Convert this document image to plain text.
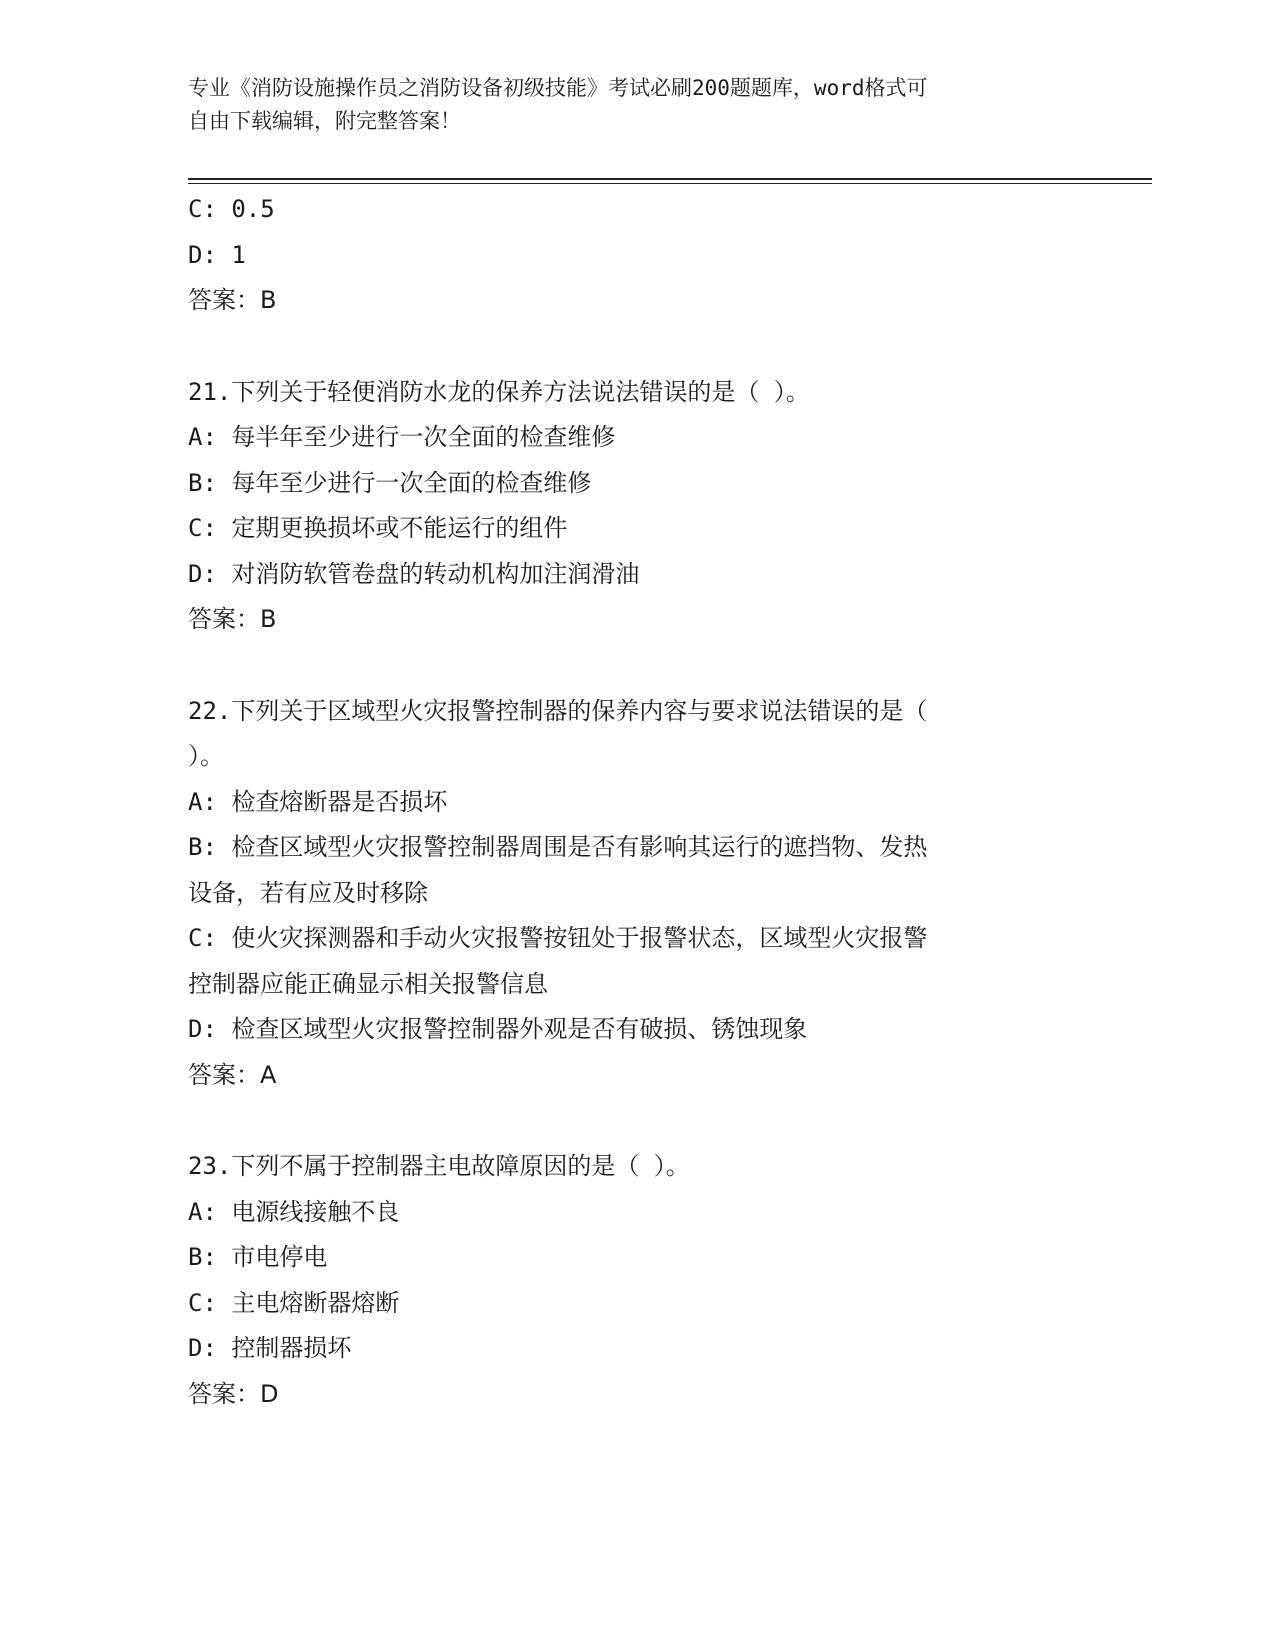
专业《消防设施操作员之消防设备初级技能》考试必刷200题题库，word格式可
自由下载编辑，附完整答案！
C: 0.5
D: 1
答案：B
21.下列关于轻便消防水龙的保养方法说法错误的是（ ）。
A: 每半年至少进行一次全面的检查维修
B: 每年至少进行一次全面的检查维修
C: 定期更换损坏或不能运行的组件
D: 对消防软管卷盘的转动机构加注润滑油
答案：B
22.下列关于区域型火灾报警控制器的保养内容与要求说法错误的是（
）。
A: 检查熔断器是否损坏
B: 检查区域型火灾报警控制器周围是否有影响其运行的遮挡物、发热
设备，若有应及时移除
C: 使火灾探测器和手动火灾报警按钮处于报警状态，区域型火灾报警
控制器应能正确显示相关报警信息
D: 检查区域型火灾报警控制器外观是否有破损、锈蚀现象
答案：A
23.下列不属于控制器主电故障原因的是（ ）。
A: 电源线接触不良
B: 市电停电
C: 主电熔断器熔断
D: 控制器损坏
答案：D
